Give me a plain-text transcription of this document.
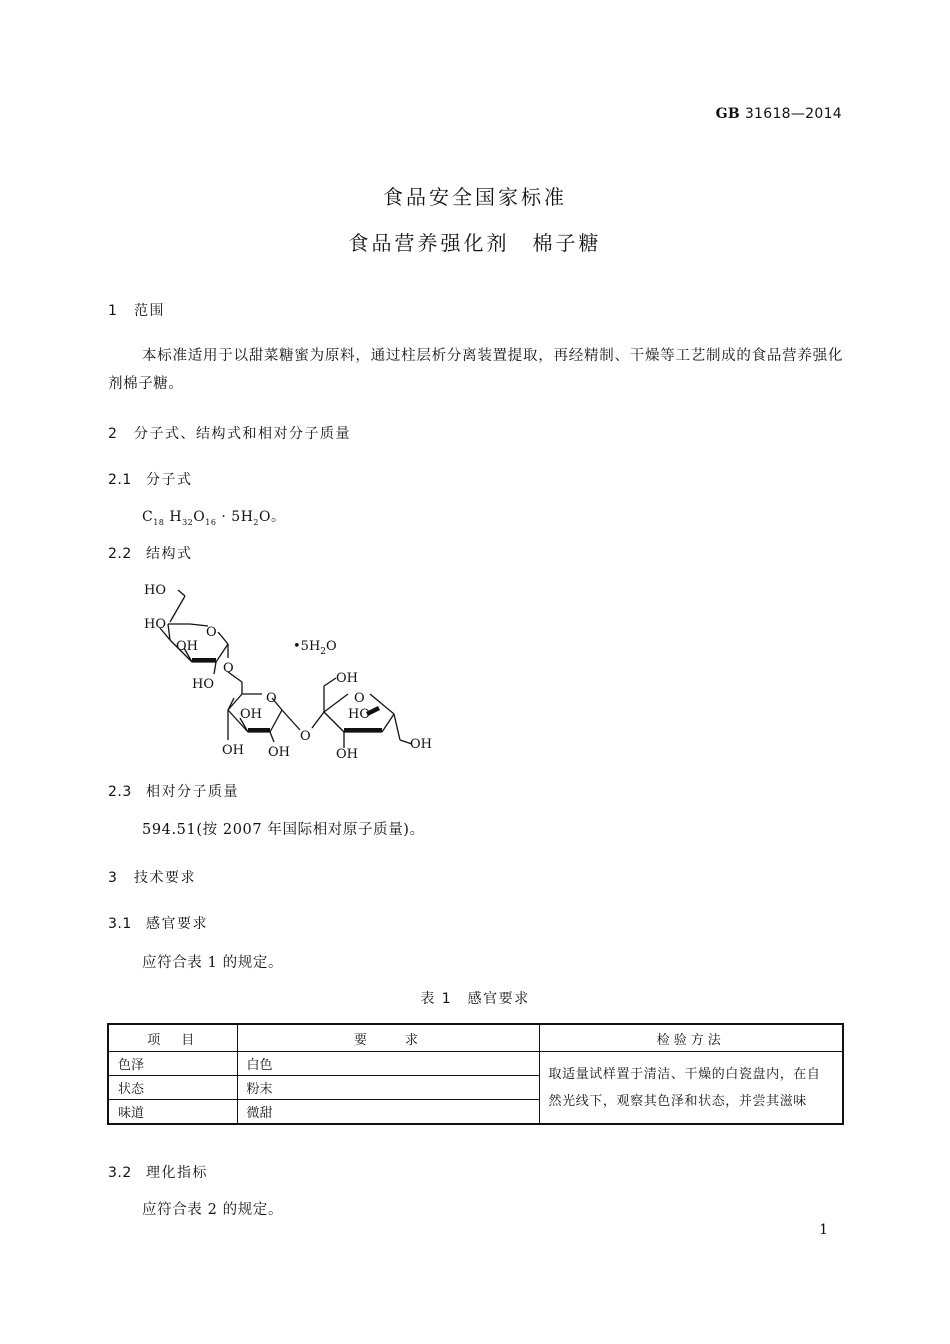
GB 31618—2014
食品安全国家标准
食品营养强化剂　棉子糖
1 范围
本标准适用于以甜菜糖蜜为原料，通过柱层析分离装置提取，再经精制、干燥等工艺制成的食品营养强化剂棉子糖。
2 分子式、结构式和相对分子质量
2.1 分子式
$C_{18}$ $H_{32}O_{16} \cdot 5H_2O$。
2.2 结构式
HO
HO
O
OH
O
HO
$•5H_2O$
O
OH
OH OH
O
OH
O
HO
OH
OH
2.3 相对分子质量
594.51(按 2007 年国际相对原子质量)。
3 技术要求
3.1 感官要求
应符合表 1 的规定。
表 1　感官要求
项　目	要　　求	检验方法
色泽	白色	取适量试样置于清洁、干燥的白瓷盘内，在自然光线下，观察其色泽和状态，并尝其滋味
状态	粉末	
味道	微甜	
3.2 理化指标
应符合表 2 的规定。
1
